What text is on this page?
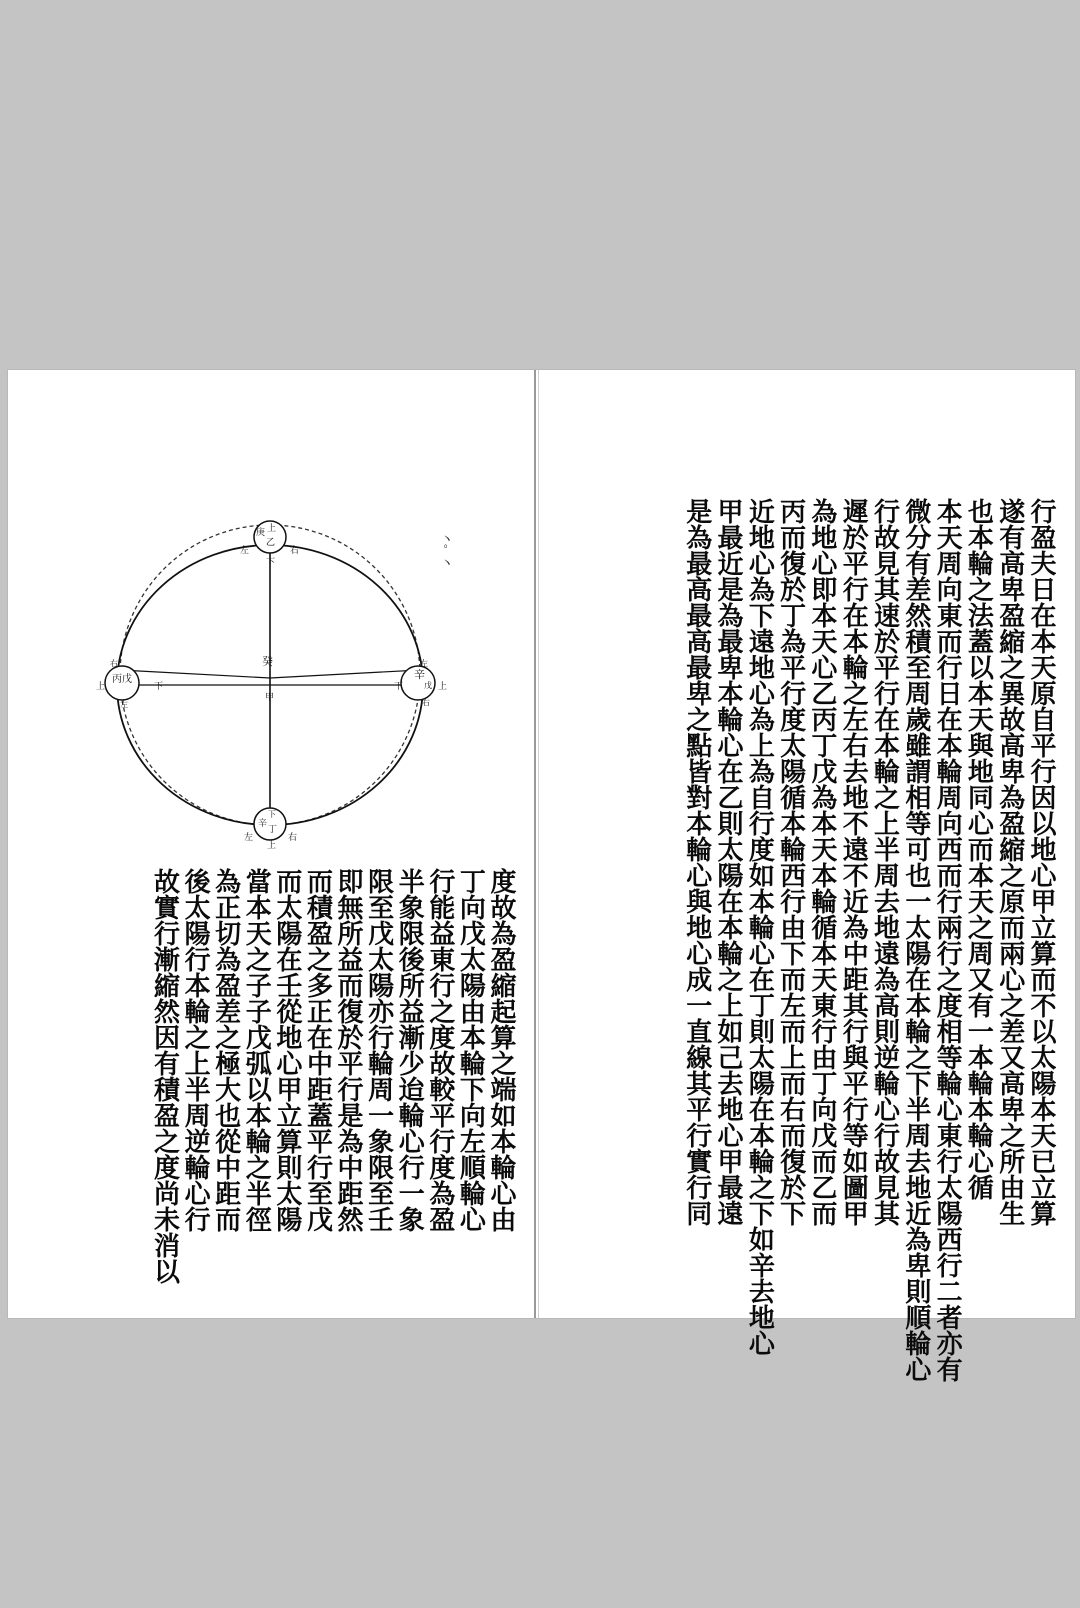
庚 上
乙
左	右
下
癸
甲
丙 戊
上	下
右
左
辛
戊
下	上
左
右
下
辛
丁
左	右
上
丶ﾟ丶
度故為盈縮起算之端如本輪心由
丁向戊太陽由本輪下向左順輪心
行能益東行之度故較平行度為盈
半象限後所益漸少迨輪心行一象
限至戊太陽亦行輪周一象限至壬
即無所益而復於平行是為中距然
而積盈之多正在中距蓋平行至戊
而太陽在壬從地心甲立算則太陽
當本天之子子戊弧以本輪之半徑
為正切為盈差之極大也從中距而
後太陽行本輪之上半周逆輪心行
故實行漸縮然因有積盈之度尚未消以	行盈夫日在本天原自平行因以地心甲立算而不以太陽本天已立算
遂有高卑盈縮之異故高卑為盈縮之原而兩心之差又高卑之所由生
也本輪之法蓋以本天與地同心而本天之周又有一本輪本輪心循
本天周向東而行日在本輪周向西而行兩行之度相等輪心東行太陽西行二者亦有
微分有差然積至周歲雖謂相等可也一太陽在本輪之下半周去地近為卑則順輪心
行故見其速於平行在本輪之上半周去地遠為高則逆輪心行故見其
遲於平行在本輪之左右去地不遠不近為中距其行與平行等如圖甲
為地心即本天心乙丙丁戊為本天本輪循本天東行由丁向戊而乙而
丙而復於丁為平行度太陽循本輪西行由下而左而上而右而復於下
近地心為下遠地心為上為自行度如本輪心在丁則太陽在本輪之下如辛去地心
甲最近是為最卑本輪心在乙則太陽在本輪之上如己去地心甲最遠
是為最高最高最卑之點皆對本輪心與地心成一直線其平行實行同
